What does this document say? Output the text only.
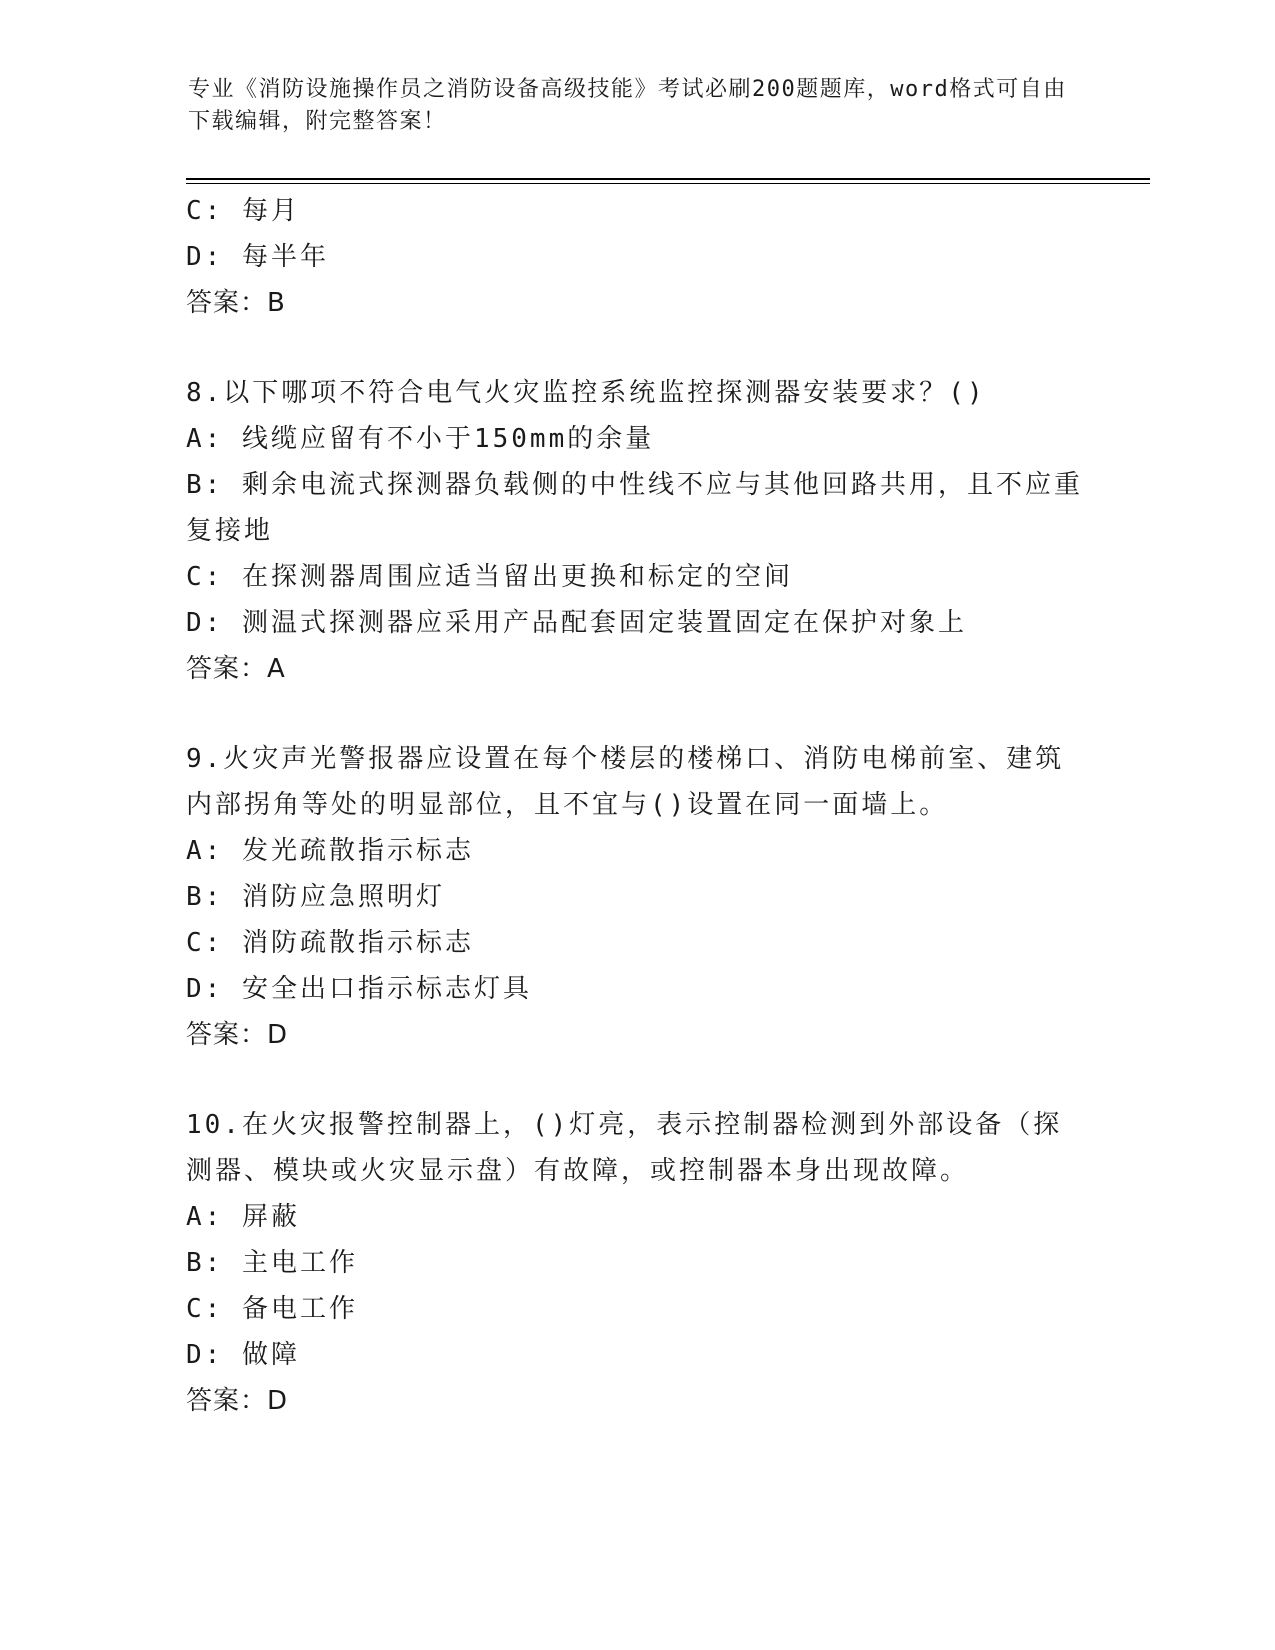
专业《消防设施操作员之消防设备高级技能》考试必刷200题题库，word格式可自由下载编辑，附完整答案！
C: 每月
D: 每半年
答案：B
8.以下哪项不符合电气火灾监控系统监控探测器安装要求？()
A: 线缆应留有不小于150mm的余量
B: 剩余电流式探测器负载侧的中性线不应与其他回路共用，且不应重复接地
C: 在探测器周围应适当留出更换和标定的空间
D: 测温式探测器应采用产品配套固定装置固定在保护对象上
答案：A
9.火灾声光警报器应设置在每个楼层的楼梯口、消防电梯前室、建筑内部拐角等处的明显部位，且不宜与()设置在同一面墙上。
A: 发光疏散指示标志
B: 消防应急照明灯
C: 消防疏散指示标志
D: 安全出口指示标志灯具
答案：D
10.在火灾报警控制器上，()灯亮，表示控制器检测到外部设备（探测器、模块或火灾显示盘）有故障，或控制器本身出现故障。
A: 屏蔽
B: 主电工作
C: 备电工作
D: 做障
答案：D
